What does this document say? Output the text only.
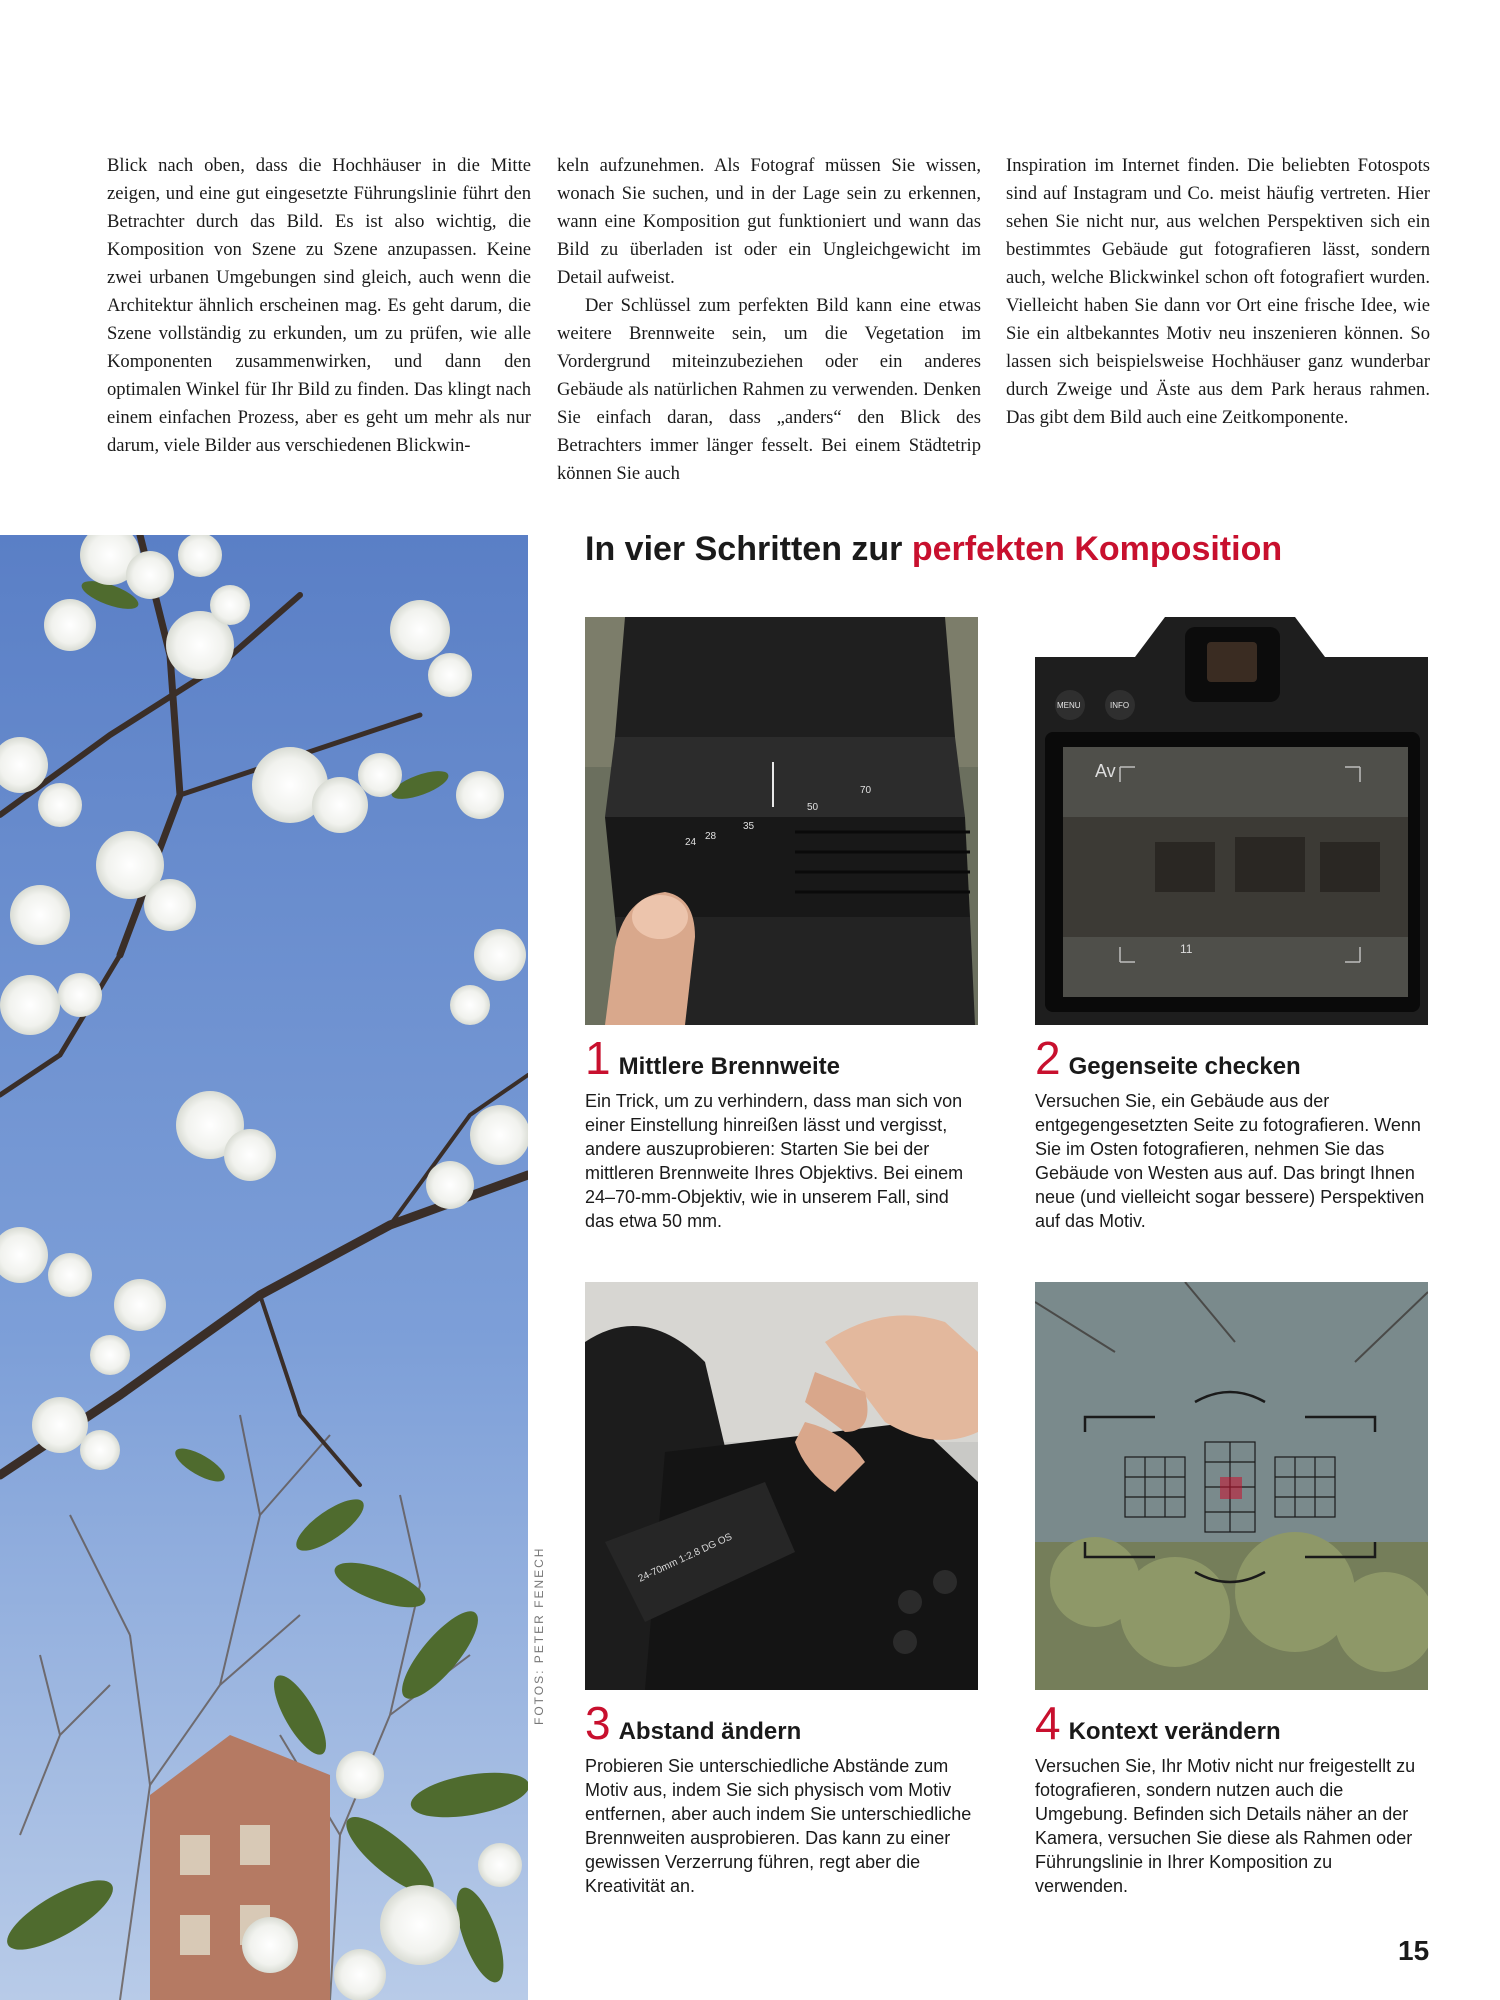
Blick nach oben, dass die Hochhäuser in die Mitte zeigen, und eine gut eingesetzte Führungslinie führt den Betrachter durch das Bild. Es ist also wichtig, die Komposition von Szene zu Szene anzupassen. Keine zwei urbanen Umgebungen sind gleich, auch wenn die Architektur ähnlich erscheinen mag. Es geht darum, die Szene vollständig zu erkunden, um zu prüfen, wie alle Komponenten zusammenwirken, und dann den optimalen Winkel für Ihr Bild zu finden. Das klingt nach einem einfachen Prozess, aber es geht um mehr als nur darum, viele Bilder aus verschiedenen Blickwin-

keln aufzunehmen. Als Fotograf müssen Sie wissen, wonach Sie suchen, und in der Lage sein zu erkennen, wann eine Komposition gut funktioniert und wann das Bild zu überladen ist oder ein Ungleichgewicht im Detail aufweist.

Der Schlüssel zum perfekten Bild kann eine etwas weitere Brennweite sein, um die Vegetation im Vordergrund miteinzubeziehen oder ein anderes Gebäude als natürlichen Rahmen zu verwenden. Denken Sie einfach daran, dass „anders“ den Blick des Betrachters immer länger fesselt. Bei einem Städtetrip können Sie auch

Inspiration im Internet finden. Die beliebten Fotospots sind auf Instagram und Co. meist häufig vertreten. Hier sehen Sie nicht nur, aus welchen Perspektiven sich ein bestimmtes Gebäude gut fotografieren lässt, sondern auch, welche Blickwinkel schon oft fotografiert wurden. Vielleicht haben Sie dann vor Ort eine frische Idee, wie Sie ein altbekanntes Motiv neu inszenieren können. So lassen sich beispielsweise Hochhäuser ganz wunderbar durch Zweige und Äste aus dem Park heraus rahmen. Das gibt dem Bild auch eine Zeitkomponente.

FOTOS: PETER FENECH
In vier Schritten zur perfekten Komposition
24
28
35
50
70
MENU	INFO
Av
11
24-70mm 1:2.8 DG OS
1 Mittlere Brennweite

Ein Trick, um zu verhindern, dass man sich von einer Einstellung hinreißen lässt und vergisst, andere auszuprobieren: Starten Sie bei der mittleren Brennweite Ihres Objektivs. Bei einem 24–70-mm-Objektiv, wie in unserem Fall, sind das etwa 50 mm.

2 Gegenseite checken

Versuchen Sie, ein Gebäude aus der entgegengesetzten Seite zu fotografieren. Wenn Sie im Osten fotografieren, nehmen Sie das Gebäude von Westen aus auf. Das bringt Ihnen neue (und vielleicht sogar bessere) Perspektiven auf das Motiv.

3 Abstand ändern

Probieren Sie unterschiedliche Abstände zum Motiv aus, indem Sie sich physisch vom Motiv entfernen, aber auch indem Sie unterschiedliche Brennweiten ausprobieren. Das kann zu einer gewissen Verzerrung führen, regt aber die Kreativität an.

4 Kontext verändern

Versuchen Sie, Ihr Motiv nicht nur freigestellt zu fotografieren, sondern nutzen auch die Umgebung. Befinden sich Details näher an der Kamera, versuchen Sie diese als Rahmen oder Führungslinie in Ihrer Komposition zu verwenden.

15
